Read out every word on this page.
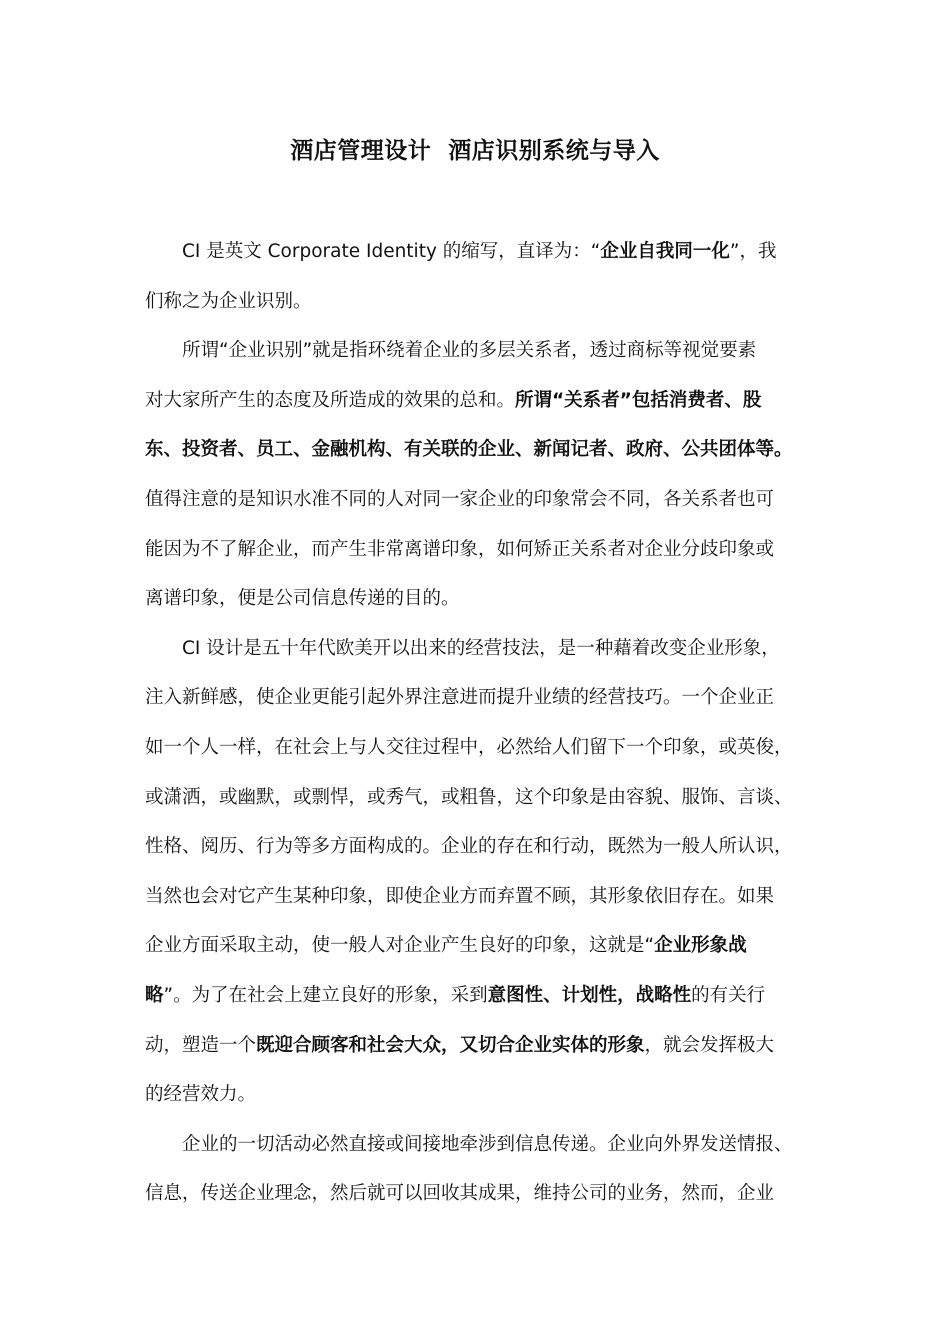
酒店管理设计  酒店识别系统与导入
CI 是英文 Corporate Identity 的缩写，直译为：“企业自我同一化”，我
们称之为企业识别。
所谓“企业识别”就是指环绕着企业的多层关系者，透过商标等视觉要素
对大家所产生的态度及所造成的效果的总和。所谓“关系者”包括消费者、股
东、投资者、员工、金融机构、有关联的企业、新闻记者、政府、公共团体等。
值得注意的是知识水准不同的人对同一家企业的印象常会不同，各关系者也可
能因为不了解企业，而产生非常离谱印象，如何矫正关系者对企业分歧印象或
离谱印象，便是公司信息传递的目的。
CI 设计是五十年代欧美开以出来的经营技法，是一种藉着改变企业形象，
注入新鲜感，使企业更能引起外界注意进而提升业绩的经营技巧。一个企业正
如一个人一样，在社会上与人交往过程中，必然给人们留下一个印象，或英俊，
或潇洒，或幽默，或剽悍，或秀气，或粗鲁，这个印象是由容貌、服饰、言谈、
性格、阅历、行为等多方面构成的。企业的存在和行动，既然为一般人所认识，
当然也会对它产生某种印象，即使企业方而弃置不顾，其形象依旧存在。如果
企业方面采取主动，使一般人对企业产生良好的印象，这就是“企业形象战
略”。为了在社会上建立良好的形象，采到意图性、计划性，战略性的有关行
动，塑造一个既迎合顾客和社会大众，又切合企业实体的形象，就会发挥极大
的经营效力。
企业的一切活动必然直接或间接地牵涉到信息传递。企业向外界发送情报、
信息，传送企业理念，然后就可以回收其成果，维持公司的业务，然而，企业
